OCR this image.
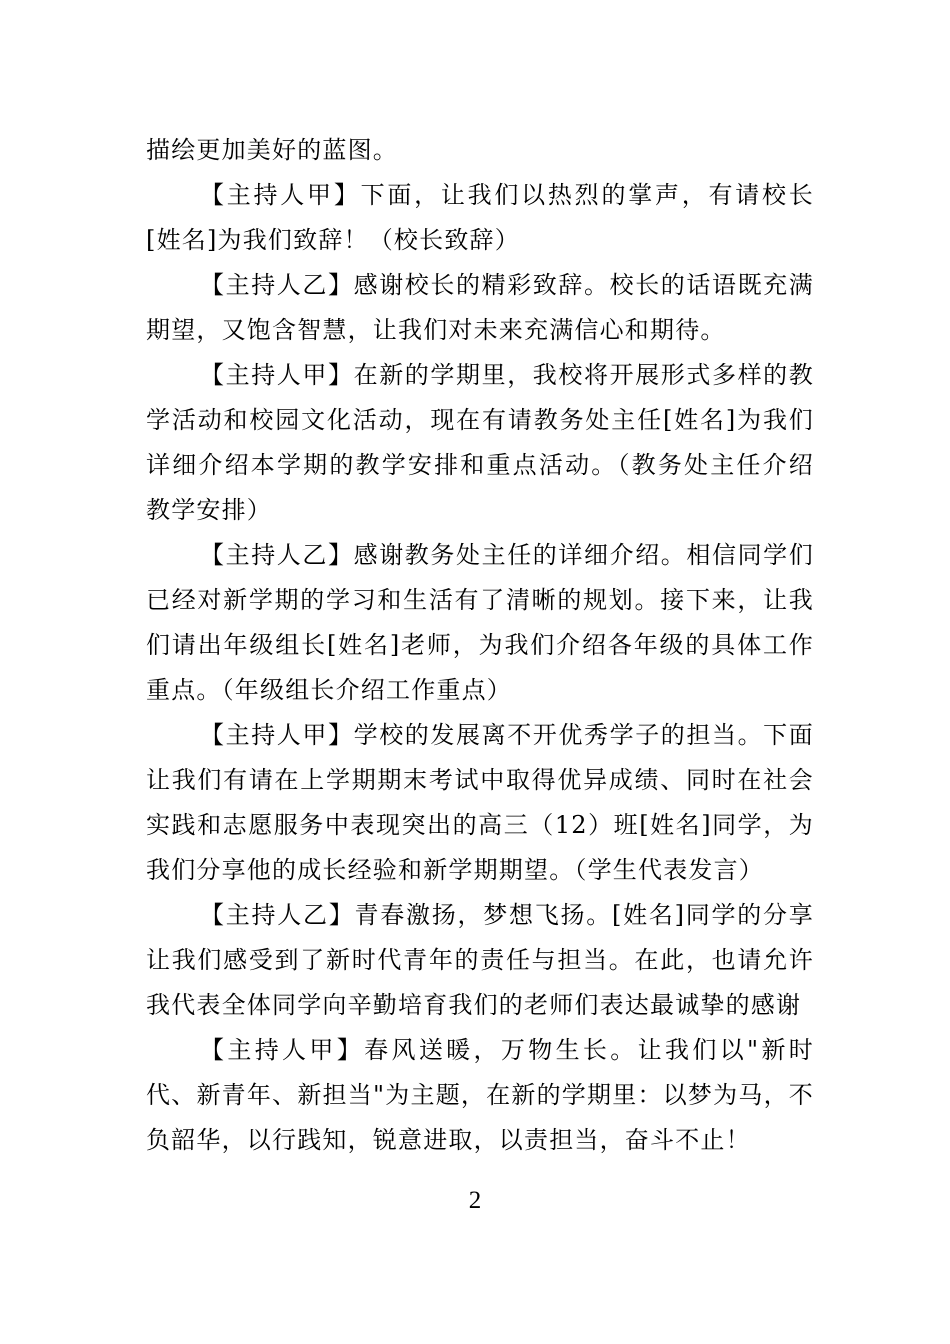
描绘更加美好的蓝图。

【主持人甲】下面，让我们以热烈的掌声，有请校长[姓名]为我们致辞！（校长致辞）

【主持人乙】感谢校长的精彩致辞。校长的话语既充满期望，又饱含智慧，让我们对未来充满信心和期待。

【主持人甲】在新的学期里，我校将开展形式多样的教学活动和校园文化活动，现在有请教务处主任[姓名]为我们详细介绍本学期的教学安排和重点活动。（教务处主任介绍教学安排）

【主持人乙】感谢教务处主任的详细介绍。相信同学们已经对新学期的学习和生活有了清晰的规划。接下来，让我们请出年级组长[姓名]老师，为我们介绍各年级的具体工作重点。（年级组长介绍工作重点）

【主持人甲】学校的发展离不开优秀学子的担当。下面让我们有请在上学期期末考试中取得优异成绩、同时在社会实践和志愿服务中表现突出的高三（12）班[姓名]同学，为我们分享他的成长经验和新学期期望。（学生代表发言）

【主持人乙】青春激扬，梦想飞扬。[姓名]同学的分享让我们感受到了新时代青年的责任与担当。在此，也请允许我代表全体同学向辛勤培育我们的老师们表达最诚挚的感谢

【主持人甲】春风送暖，万物生长。让我们以"新时代、新青年、新担当"为主题，在新的学期里：以梦为马，不负韶华，以行践知，锐意进取，以责担当，奋斗不止！

2
